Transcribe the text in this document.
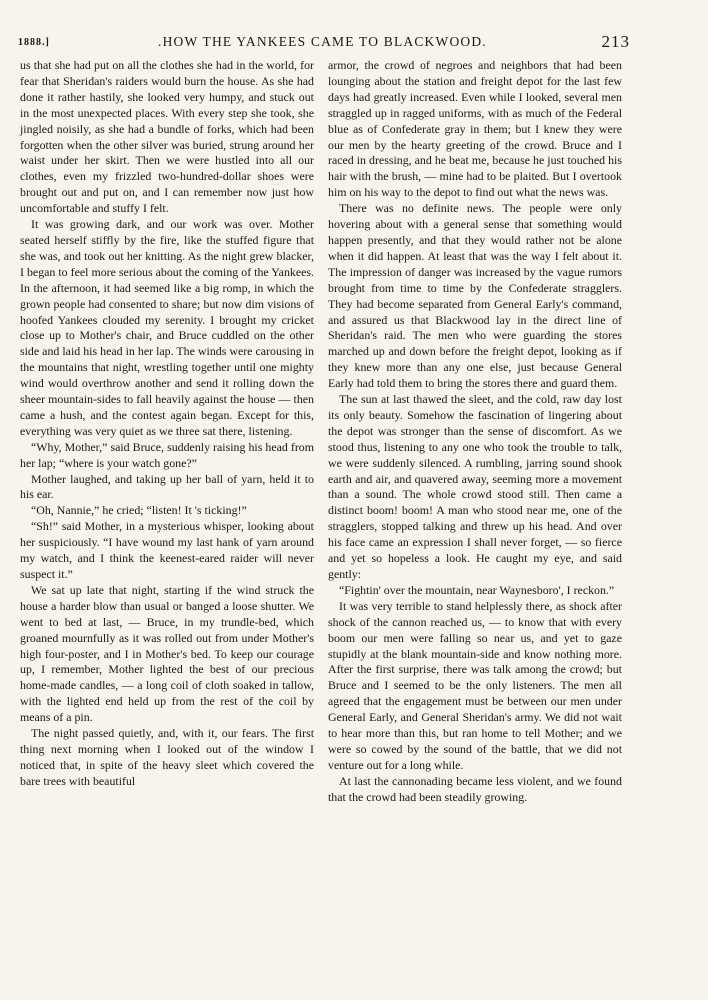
1888.]	.HOW THE YANKEES CAME TO BLACKWOOD.	213

us that she had put on all the clothes she had in the world, for fear that Sheridan's raiders would burn the house. As she had done it rather hastily, she looked very humpy, and stuck out in the most unexpected places. With every step she took, she jingled noisily, as she had a bundle of forks, which had been forgotten when the other silver was buried, strung around her waist under her skirt. Then we were hustled into all our clothes, even my frizzled two-hundred-dollar shoes were brought out and put on, and I can remember now just how uncomfortable and stuffy I felt.

It was growing dark, and our work was over. Mother seated herself stiffly by the fire, like the stuffed figure that she was, and took out her knitting. As the night grew blacker, I began to feel more serious about the coming of the Yankees. In the afternoon, it had seemed like a big romp, in which the grown people had consented to share; but now dim visions of hoofed Yankees clouded my serenity. I brought my cricket close up to Mother's chair, and Bruce cuddled on the other side and laid his head in her lap. The winds were carousing in the mountains that night, wrestling together until one mighty wind would overthrow another and send it rolling down the sheer mountain-sides to fall heavily against the house — then came a hush, and the contest again began. Except for this, everything was very quiet as we three sat there, listening.

“Why, Mother,” said Bruce, suddenly raising his head from her lap; “where is your watch gone?”

Mother laughed, and taking up her ball of yarn, held it to his ear.

“Oh, Nannie,” he cried; “listen! It 's ticking!”

“Sh!” said Mother, in a mysterious whisper, looking about her suspiciously. “I have wound my last hank of yarn around my watch, and I think the keenest-eared raider will never suspect it.”

We sat up late that night, starting if the wind struck the house a harder blow than usual or banged a loose shutter. We went to bed at last, — Bruce, in my trundle-bed, which groaned mournfully as it was rolled out from under Mother's high four-poster, and I in Mother's bed. To keep our courage up, I remember, Mother lighted the best of our precious home-made candles, — a long coil of cloth soaked in tallow, with the lighted end held up from the rest of the coil by means of a pin.

The night passed quietly, and, with it, our fears. The first thing next morning when I looked out of the window I noticed that, in spite of the heavy sleet which covered the bare trees with beautiful

armor, the crowd of negroes and neighbors that had been lounging about the station and freight depot for the last few days had greatly increased. Even while I looked, several men straggled up in ragged uniforms, with as much of the Federal blue as of Confederate gray in them; but I knew they were our men by the hearty greeting of the crowd. Bruce and I raced in dressing, and he beat me, because he just touched his hair with the brush, — mine had to be plaited. But I overtook him on his way to the depot to find out what the news was.

There was no definite news. The people were only hovering about with a general sense that something would happen presently, and that they would rather not be alone when it did happen. At least that was the way I felt about it. The impression of danger was increased by the vague rumors brought from time to time by the Confederate stragglers. They had become separated from General Early's command, and assured us that Blackwood lay in the direct line of Sheridan's raid. The men who were guarding the stores marched up and down before the freight depot, looking as if they knew more than any one else, just because General Early had told them to bring the stores there and guard them.

The sun at last thawed the sleet, and the cold, raw day lost its only beauty. Somehow the fascination of lingering about the depot was stronger than the sense of discomfort. As we stood thus, listening to any one who took the trouble to talk, we were suddenly silenced. A rumbling, jarring sound shook earth and air, and quavered away, seeming more a movement than a sound. The whole crowd stood still. Then came a distinct boom! boom! A man who stood near me, one of the stragglers, stopped talking and threw up his head. And over his face came an expression I shall never forget, — so fierce and yet so hopeless a look. He caught my eye, and said gently:

“Fightin' over the mountain, near Waynesboro', I reckon.”

It was very terrible to stand helplessly there, as shock after shock of the cannon reached us, — to know that with every boom our men were falling so near us, and yet to gaze stupidly at the blank mountain-side and know nothing more. After the first surprise, there was talk among the crowd; but Bruce and I seemed to be the only listeners. The men all agreed that the engagement must be between our men under General Early, and General Sheridan's army. We did not wait to hear more than this, but ran home to tell Mother; and we were so cowed by the sound of the battle, that we did not venture out for a long while.

At last the cannonading became less violent, and we found that the crowd had been steadily growing.
